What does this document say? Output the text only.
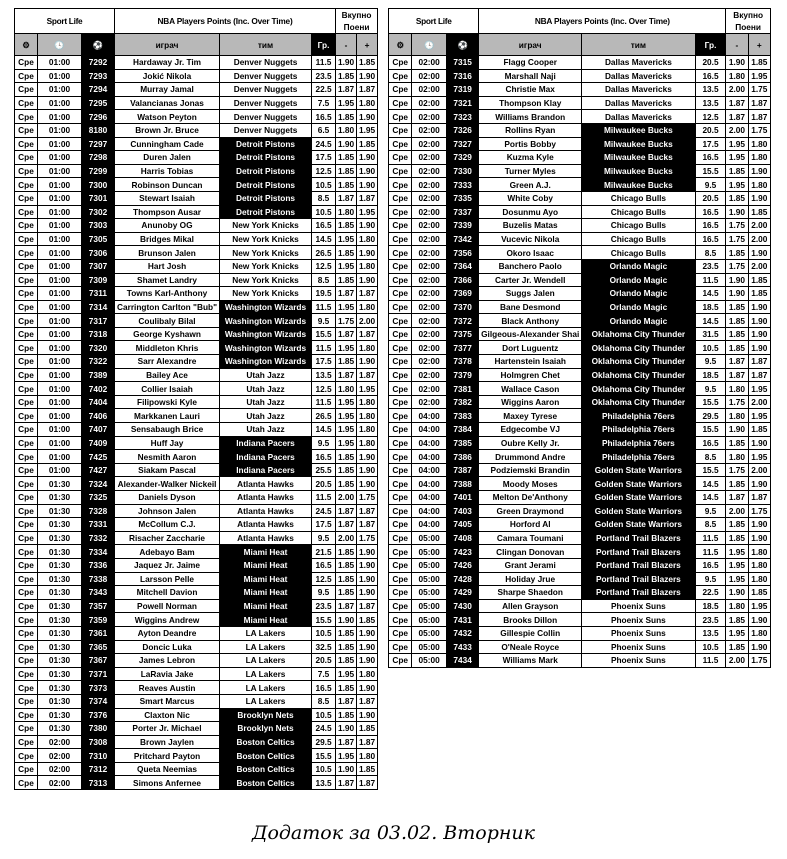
Sport Life			NBA Players Points (Inc. Over Time)			Вкупно
Поени	
⚙	🕓	⚽	играч	тим	Гр.	-	+
Сре	01:00	7292	Hardaway Jr. Tim	Denver Nuggets	11.5	1.90	1.85
Сре	01:00	7293	Jokić Nikola	Denver Nuggets	23.5	1.85	1.90
Сре	01:00	7294	Murray Jamal	Denver Nuggets	22.5	1.87	1.87
Сре	01:00	7295	Valancianas Jonas	Denver Nuggets	7.5	1.95	1.80
Сре	01:00	7296	Watson Peyton	Denver Nuggets	16.5	1.85	1.90
Сре	01:00	8180	Brown Jr. Bruce	Denver Nuggets	6.5	1.80	1.95
Сре	01:00	7297	Cunningham Cade	Detroit Pistons	24.5	1.90	1.85
Сре	01:00	7298	Duren Jalen	Detroit Pistons	17.5	1.85	1.90
Сре	01:00	7299	Harris Tobias	Detroit Pistons	12.5	1.85	1.90
Сре	01:00	7300	Robinson Duncan	Detroit Pistons	10.5	1.85	1.90
Сре	01:00	7301	Stewart Isaiah	Detroit Pistons	8.5	1.87	1.87
Сре	01:00	7302	Thompson Ausar	Detroit Pistons	10.5	1.80	1.95
Сре	01:00	7303	Anunoby OG	New York Knicks	16.5	1.85	1.90
Сре	01:00	7305	Bridges Mikal	New York Knicks	14.5	1.95	1.80
Сре	01:00	7306	Brunson Jalen	New York Knicks	26.5	1.85	1.90
Сре	01:00	7307	Hart Josh	New York Knicks	12.5	1.95	1.80
Сре	01:00	7309	Shamet Landry	New York Knicks	8.5	1.85	1.90
Сре	01:00	7311	Towns Karl-Anthony	New York Knicks	19.5	1.87	1.87
Сре	01:00	7314	Carrington Carlton "Bub"	Washington Wizards	11.5	1.95	1.80
Сре	01:00	7317	Coulibaly Bilal	Washington Wizards	9.5	1.75	2.00
Сре	01:00	7318	George Kyshawn	Washington Wizards	15.5	1.87	1.87
Сре	01:00	7320	Middleton Khris	Washington Wizards	11.5	1.95	1.80
Сре	01:00	7322	Sarr Alexandre	Washington Wizards	17.5	1.85	1.90
Сре	01:00	7389	Bailey Ace	Utah Jazz	13.5	1.87	1.87
Сре	01:00	7402	Collier Isaiah	Utah Jazz	12.5	1.80	1.95
Сре	01:00	7404	Filipowski Kyle	Utah Jazz	11.5	1.95	1.80
Сре	01:00	7406	Markkanen Lauri	Utah Jazz	26.5	1.95	1.80
Сре	01:00	7407	Sensabaugh Brice	Utah Jazz	14.5	1.95	1.80
Сре	01:00	7409	Huff Jay	Indiana Pacers	9.5	1.95	1.80
Сре	01:00	7425	Nesmith Aaron	Indiana Pacers	16.5	1.85	1.90
Сре	01:00	7427	Siakam Pascal	Indiana Pacers	25.5	1.85	1.90
Сре	01:30	7324	Alexander-Walker Nickeil	Atlanta Hawks	20.5	1.85	1.90
Сре	01:30	7325	Daniels Dyson	Atlanta Hawks	11.5	2.00	1.75
Сре	01:30	7328	Johnson Jalen	Atlanta Hawks	24.5	1.87	1.87
Сре	01:30	7331	McCollum C.J.	Atlanta Hawks	17.5	1.87	1.87
Сре	01:30	7332	Risacher Zaccharie	Atlanta Hawks	9.5	2.00	1.75
Сре	01:30	7334	Adebayo Bam	Miami Heat	21.5	1.85	1.90
Сре	01:30	7336	Jaquez Jr. Jaime	Miami Heat	16.5	1.85	1.90
Сре	01:30	7338	Larsson Pelle	Miami Heat	12.5	1.85	1.90
Сре	01:30	7343	Mitchell Davion	Miami Heat	9.5	1.85	1.90
Сре	01:30	7357	Powell Norman	Miami Heat	23.5	1.87	1.87
Сре	01:30	7359	Wiggins Andrew	Miami Heat	15.5	1.90	1.85
Сре	01:30	7361	Ayton Deandre	LA Lakers	10.5	1.85	1.90
Сре	01:30	7365	Doncic Luka	LA Lakers	32.5	1.85	1.90
Сре	01:30	7367	James Lebron	LA Lakers	20.5	1.85	1.90
Сре	01:30	7371	LaRavia Jake	LA Lakers	7.5	1.95	1.80
Сре	01:30	7373	Reaves Austin	LA Lakers	16.5	1.85	1.90
Сре	01:30	7374	Smart Marcus	LA Lakers	8.5	1.87	1.87
Сре	01:30	7376	Claxton Nic	Brooklyn Nets	10.5	1.85	1.90
Сре	01:30	7380	Porter Jr. Michael	Brooklyn Nets	24.5	1.90	1.85
Сре	02:00	7308	Brown Jaylen	Boston Celtics	29.5	1.87	1.87
Сре	02:00	7310	Pritchard Payton	Boston Celtics	15.5	1.95	1.80
Сре	02:00	7312	Queta Neemias	Boston Celtics	10.5	1.90	1.85
Сре	02:00	7313	Simons Anfernee	Boston Celtics	13.5	1.87	1.87
Sport Life			NBA Players Points (Inc. Over Time)			Вкупно
Поени	
⚙	🕓	⚽	играч	тим	Гр.	-	+
Сре	02:00	7315	Flagg Cooper	Dallas Mavericks	20.5	1.90	1.85
Сре	02:00	7316	Marshall Naji	Dallas Mavericks	16.5	1.80	1.95
Сре	02:00	7319	Christie Max	Dallas Mavericks	13.5	2.00	1.75
Сре	02:00	7321	Thompson Klay	Dallas Mavericks	13.5	1.87	1.87
Сре	02:00	7323	Williams Brandon	Dallas Mavericks	12.5	1.87	1.87
Сре	02:00	7326	Rollins Ryan	Milwaukee Bucks	20.5	2.00	1.75
Сре	02:00	7327	Portis Bobby	Milwaukee Bucks	17.5	1.95	1.80
Сре	02:00	7329	Kuzma Kyle	Milwaukee Bucks	16.5	1.95	1.80
Сре	02:00	7330	Turner Myles	Milwaukee Bucks	15.5	1.85	1.90
Сре	02:00	7333	Green A.J.	Milwaukee Bucks	9.5	1.95	1.80
Сре	02:00	7335	White Coby	Chicago Bulls	20.5	1.85	1.90
Сре	02:00	7337	Dosunmu Ayo	Chicago Bulls	16.5	1.90	1.85
Сре	02:00	7339	Buzelis Matas	Chicago Bulls	16.5	1.75	2.00
Сре	02:00	7342	Vucevic Nikola	Chicago Bulls	16.5	1.75	2.00
Сре	02:00	7356	Okoro Isaac	Chicago Bulls	8.5	1.85	1.90
Сре	02:00	7364	Banchero Paolo	Orlando Magic	23.5	1.75	2.00
Сре	02:00	7366	Carter Jr. Wendell	Orlando Magic	11.5	1.90	1.85
Сре	02:00	7369	Suggs Jalen	Orlando Magic	14.5	1.90	1.85
Сре	02:00	7370	Bane Desmond	Orlando Magic	18.5	1.85	1.90
Сре	02:00	7372	Black Anthony	Orlando Magic	14.5	1.85	1.90
Сре	02:00	7375	Gilgeous-Alexander Shai	Oklahoma City Thunder	31.5	1.85	1.90
Сре	02:00	7377	Dort Luguentz	Oklahoma City Thunder	10.5	1.85	1.90
Сре	02:00	7378	Hartenstein Isaiah	Oklahoma City Thunder	9.5	1.87	1.87
Сре	02:00	7379	Holmgren Chet	Oklahoma City Thunder	18.5	1.87	1.87
Сре	02:00	7381	Wallace Cason	Oklahoma City Thunder	9.5	1.80	1.95
Сре	02:00	7382	Wiggins Aaron	Oklahoma City Thunder	15.5	1.75	2.00
Сре	04:00	7383	Maxey Tyrese	Philadelphia 76ers	29.5	1.80	1.95
Сре	04:00	7384	Edgecombe VJ	Philadelphia 76ers	15.5	1.90	1.85
Сре	04:00	7385	Oubre Kelly Jr.	Philadelphia 76ers	16.5	1.85	1.90
Сре	04:00	7386	Drummond Andre	Philadelphia 76ers	8.5	1.80	1.95
Сре	04:00	7387	Podziemski Brandin	Golden State Warriors	15.5	1.75	2.00
Сре	04:00	7388	Moody Moses	Golden State Warriors	14.5	1.85	1.90
Сре	04:00	7401	Melton De'Anthony	Golden State Warriors	14.5	1.87	1.87
Сре	04:00	7403	Green Draymond	Golden State Warriors	9.5	2.00	1.75
Сре	04:00	7405	Horford Al	Golden State Warriors	8.5	1.85	1.90
Сре	05:00	7408	Camara Toumani	Portland Trail Blazers	11.5	1.85	1.90
Сре	05:00	7423	Clingan Donovan	Portland Trail Blazers	11.5	1.95	1.80
Сре	05:00	7426	Grant Jerami	Portland Trail Blazers	16.5	1.95	1.80
Сре	05:00	7428	Holiday Jrue	Portland Trail Blazers	9.5	1.95	1.80
Сре	05:00	7429	Sharpe Shaedon	Portland Trail Blazers	22.5	1.90	1.85
Сре	05:00	7430	Allen Grayson	Phoenix Suns	18.5	1.80	1.95
Сре	05:00	7431	Brooks Dillon	Phoenix Suns	23.5	1.85	1.90
Сре	05:00	7432	Gillespie Collin	Phoenix Suns	13.5	1.95	1.80
Сре	05:00	7433	O'Neale Royce	Phoenix Suns	10.5	1.85	1.90
Сре	05:00	7434	Williams Mark	Phoenix Suns	11.5	2.00	1.75
Додаток за 03.02. Вторник
